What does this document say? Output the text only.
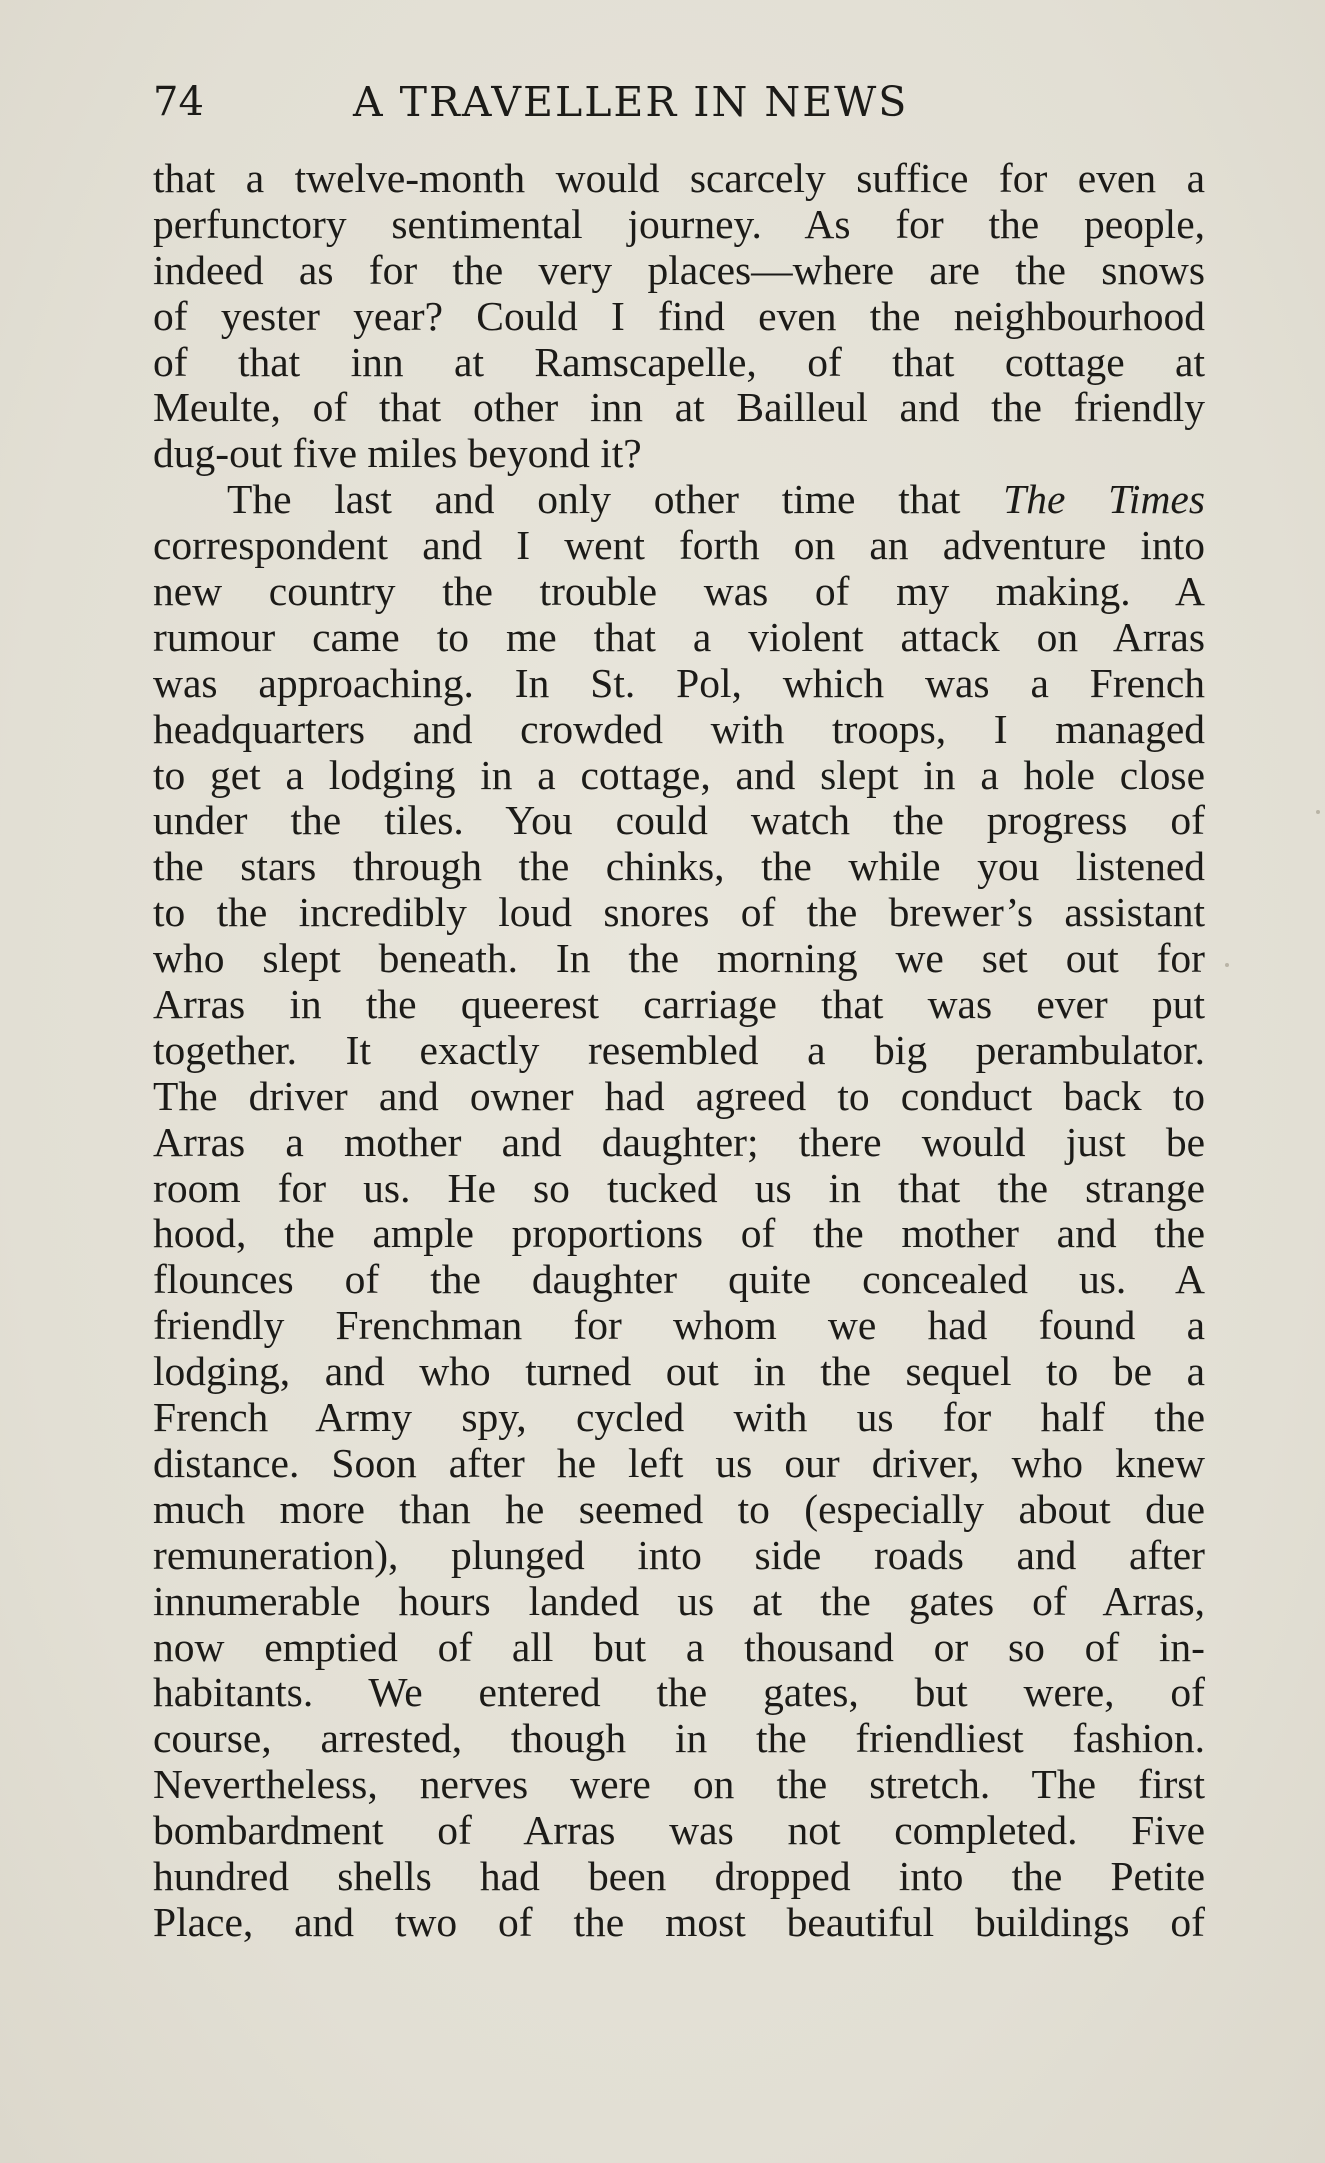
74	A TRAVELLER IN NEWS
that a twelve-month would scarcely suffice for even a
perfunctory sentimental journey. As for the people,
indeed as for the very places—where are the snows
of yester year? Could I find even the neighbourhood
of that inn at Ramscapelle, of that cottage at
Meulte, of that other inn at Bailleul and the friendly
dug-out five miles beyond it?
The last and only other time that The Times
correspondent and I went forth on an adventure into
new country the trouble was of my making. A
rumour came to me that a violent attack on Arras
was approaching. In St. Pol, which was a French
headquarters and crowded with troops, I managed
to get a lodging in a cottage, and slept in a hole close
under the tiles. You could watch the progress of
the stars through the chinks, the while you listened
to the incredibly loud snores of the brewer’s assistant
who slept beneath. In the morning we set out for
Arras in the queerest carriage that was ever put
together. It exactly resembled a big perambulator.
The driver and owner had agreed to conduct back to
Arras a mother and daughter; there would just be
room for us. He so tucked us in that the strange
hood, the ample proportions of the mother and the
flounces of the daughter quite concealed us. A
friendly Frenchman for whom we had found a
lodging, and who turned out in the sequel to be a
French Army spy, cycled with us for half the
distance. Soon after he left us our driver, who knew
much more than he seemed to (especially about due
remuneration), plunged into side roads and after
innumerable hours landed us at the gates of Arras,
now emptied of all but a thousand or so of in-
habitants. We entered the gates, but were, of
course, arrested, though in the friendliest fashion.
Nevertheless, nerves were on the stretch. The first
bombardment of Arras was not completed. Five
hundred shells had been dropped into the Petite
Place, and two of the most beautiful buildings of
